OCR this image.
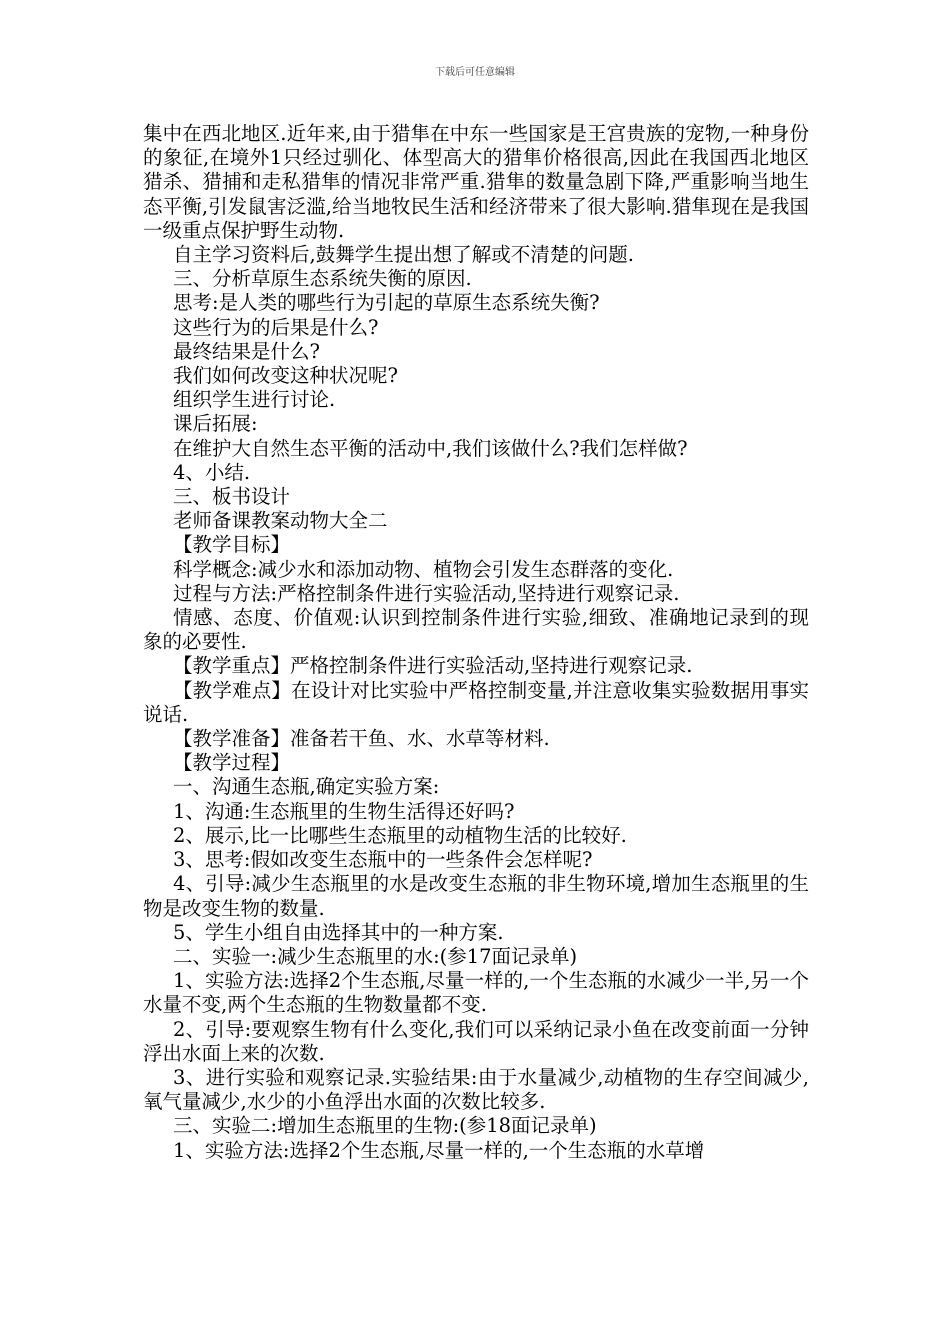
下载后可任意编辑

集中在西北地区.近年来,由于猎隼在中东一些国家是王宫贵族的宠物,一种身份的象征,在境外1只经过驯化、体型高大的猎隼价格很高,因此在我国西北地区猎杀、猎捕和走私猎隼的情况非常严重.猎隼的数量急剧下降,严重影响当地生态平衡,引发鼠害泛滥,给当地牧民生活和经济带来了很大影响.猎隼现在是我国一级重点保护野生动物.

自主学习资料后,鼓舞学生提出想了解或不清楚的问题.

三、分析草原生态系统失衡的原因.

思考:是人类的哪些行为引起的草原生态系统失衡?

这些行为的后果是什么?

最终结果是什么?

我们如何改变这种状况呢?

组织学生进行讨论.

课后拓展:

在维护大自然生态平衡的活动中,我们该做什么?我们怎样做?

4、小结.

三、板书设计

老师备课教案动物大全二

【教学目标】

科学概念:减少水和添加动物、植物会引发生态群落的变化.

过程与方法:严格控制条件进行实验活动,坚持进行观察记录.

情感、态度、价值观:认识到控制条件进行实验,细致、准确地记录到的现象的必要性.

【教学重点】严格控制条件进行实验活动,坚持进行观察记录.

【教学难点】在设计对比实验中严格控制变量,并注意收集实验数据用事实说话.

【教学准备】准备若干鱼、水、水草等材料.

【教学过程】

一、沟通生态瓶,确定实验方案:

1、沟通:生态瓶里的生物生活得还好吗?

2、展示,比一比哪些生态瓶里的动植物生活的比较好.

3、思考:假如改变生态瓶中的一些条件会怎样呢?

4、引导:减少生态瓶里的水是改变生态瓶的非生物环境,增加生态瓶里的生物是改变生物的数量.

5、学生小组自由选择其中的一种方案.

二、实验一:减少生态瓶里的水:(参17面记录单)

1、实验方法:选择2个生态瓶,尽量一样的,一个生态瓶的水减少一半,另一个水量不变,两个生态瓶的生物数量都不变.

2、引导:要观察生物有什么变化,我们可以采纳记录小鱼在改变前面一分钟浮出水面上来的次数.

3、进行实验和观察记录.实验结果:由于水量减少,动植物的生存空间减少,氧气量减少,水少的小鱼浮出水面的次数比较多.

三、实验二:增加生态瓶里的生物:(参18面记录单)

1、实验方法:选择2个生态瓶,尽量一样的,一个生态瓶的水草增
